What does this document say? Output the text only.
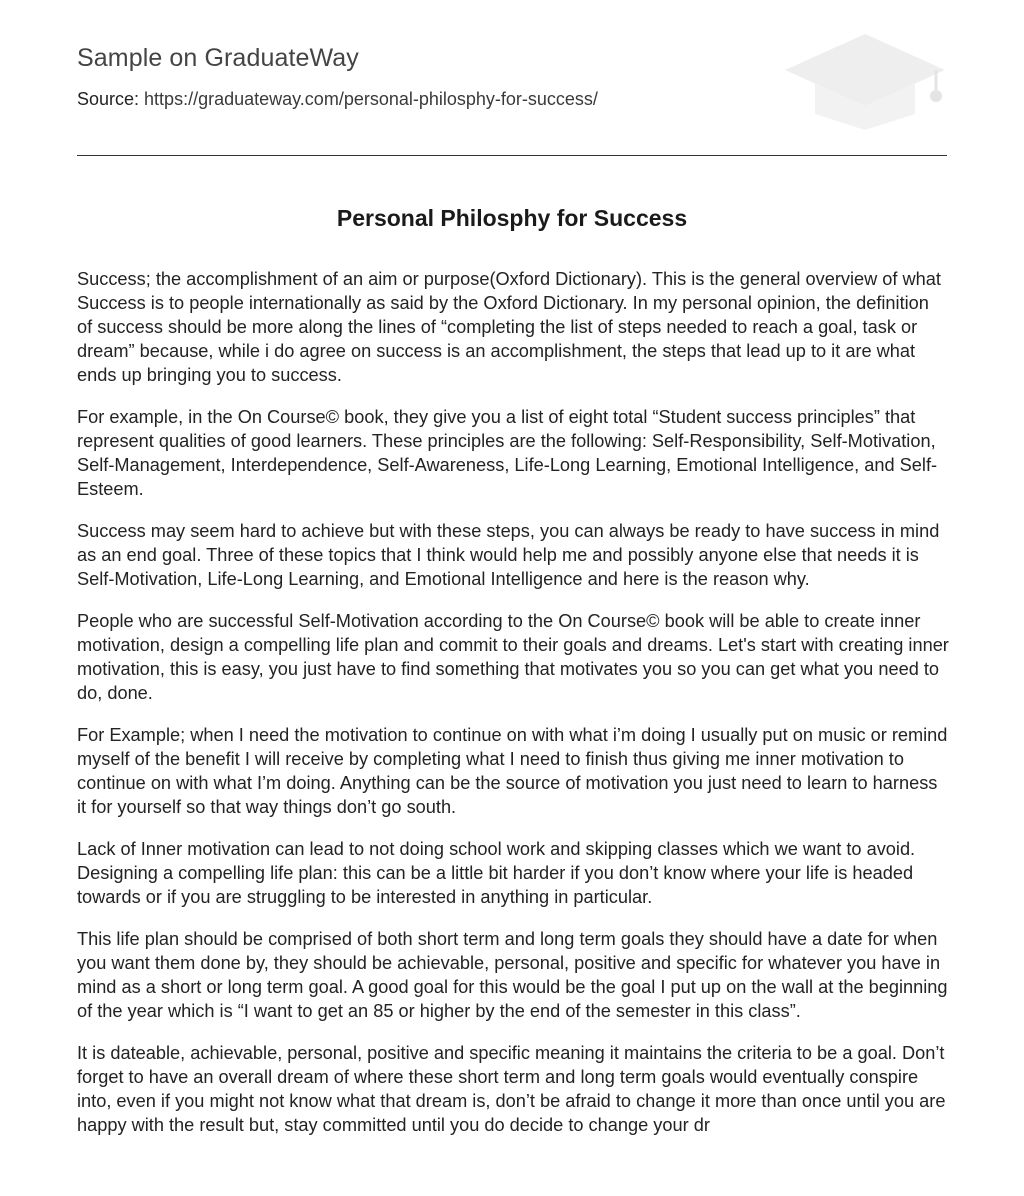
Sample on GraduateWay
Source: https://graduateway.com/personal-philosphy-for-success/
Personal Philosphy for Success

Success; the accomplishment of an aim or purpose(Oxford Dictionary). This is the general overview of what Success is to people internationally as said by the Oxford Dictionary. In my personal opinion, the definition of success should be more along the lines of “completing the list of steps needed to reach a goal, task or dream” because, while i do agree on success is an accomplishment, the steps that lead up to it are what ends up bringing you to success.

For example, in the On Course© book, they give you a list of eight total “Student success principles” that represent qualities of good learners. These principles are the following: Self-Responsibility, Self-Motivation, Self-Management, Interdependence, Self-Awareness, Life-Long Learning, Emotional Intelligence, and Self-Esteem.

Success may seem hard to achieve but with these steps, you can always be ready to have success in mind as an end goal. Three of these topics that I think would help me and possibly anyone else that needs it is Self-Motivation, Life-Long Learning, and Emotional Intelligence and here is the reason why.

People who are successful Self-Motivation according to the On Course© book will be able to create inner motivation, design a compelling life plan and commit to their goals and dreams. Let's start with creating inner motivation, this is easy, you just have to find something that motivates you so you can get what you need to do, done.

For Example; when I need the motivation to continue on with what i’m doing I usually put on music or remind myself of the benefit I will receive by completing what I need to finish thus giving me inner motivation to continue on with what I’m doing. Anything can be the source of motivation you just need to learn to harness it for yourself so that way things don’t go south.

Lack of Inner motivation can lead to not doing school work and skipping classes which we want to avoid. Designing a compelling life plan: this can be a little bit harder if you don’t know where your life is headed towards or if you are struggling to be interested in anything in particular.

This life plan should be comprised of both short term and long term goals they should have a date for when you want them done by, they should be achievable, personal, positive and specific for whatever you have in mind as a short or long term goal. A good goal for this would be the goal I put up on the wall at the beginning of the year which is “I want to get an 85 or higher by the end of the semester in this class”.

It is dateable, achievable, personal, positive and specific meaning it maintains the criteria to be a goal. Don’t forget to have an overall dream of where these short term and long term goals would eventually conspire into, even if you might not know what that dream is, don’t be afraid to change it more than once until you are happy with the result but, stay committed until you do decide to change your dr
